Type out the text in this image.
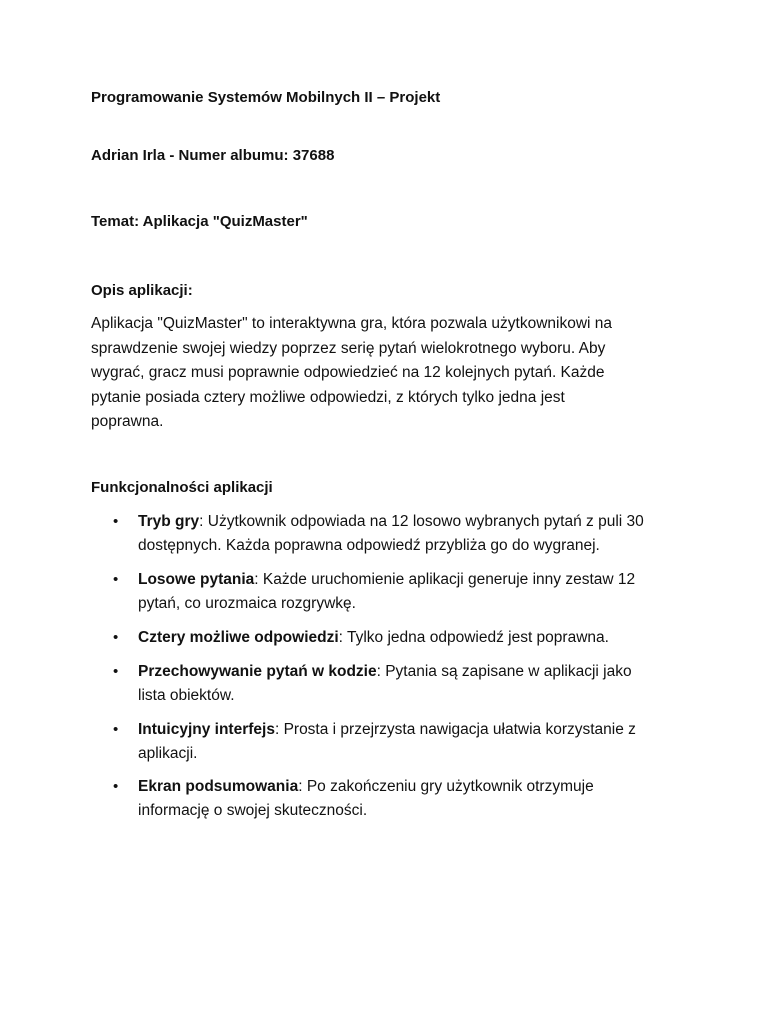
Programowanie Systemów Mobilnych II – Projekt
Adrian Irla - Numer albumu: 37688
Temat: Aplikacja "QuizMaster"
Opis aplikacji:
Aplikacja "QuizMaster" to interaktywna gra, która pozwala użytkownikowi na
sprawdzenie swojej wiedzy poprzez serię pytań wielokrotnego wyboru. Aby
wygrać, gracz musi poprawnie odpowiedzieć na 12 kolejnych pytań. Każde
pytanie posiada cztery możliwe odpowiedzi, z których tylko jedna jest
poprawna.
Funkcjonalności aplikacji
• Tryb gry: Użytkownik odpowiada na 12 losowo wybranych pytań z puli 30
dostępnych. Każda poprawna odpowiedź przybliża go do wygranej.
• Losowe pytania: Każde uruchomienie aplikacji generuje inny zestaw 12
pytań, co urozmaica rozgrywkę.
• Cztery możliwe odpowiedzi: Tylko jedna odpowiedź jest poprawna.
• Przechowywanie pytań w kodzie: Pytania są zapisane w aplikacji jako
lista obiektów.
• Intuicyjny interfejs: Prosta i przejrzysta nawigacja ułatwia korzystanie z
aplikacji.
• Ekran podsumowania: Po zakończeniu gry użytkownik otrzymuje
informację o swojej skuteczności.
